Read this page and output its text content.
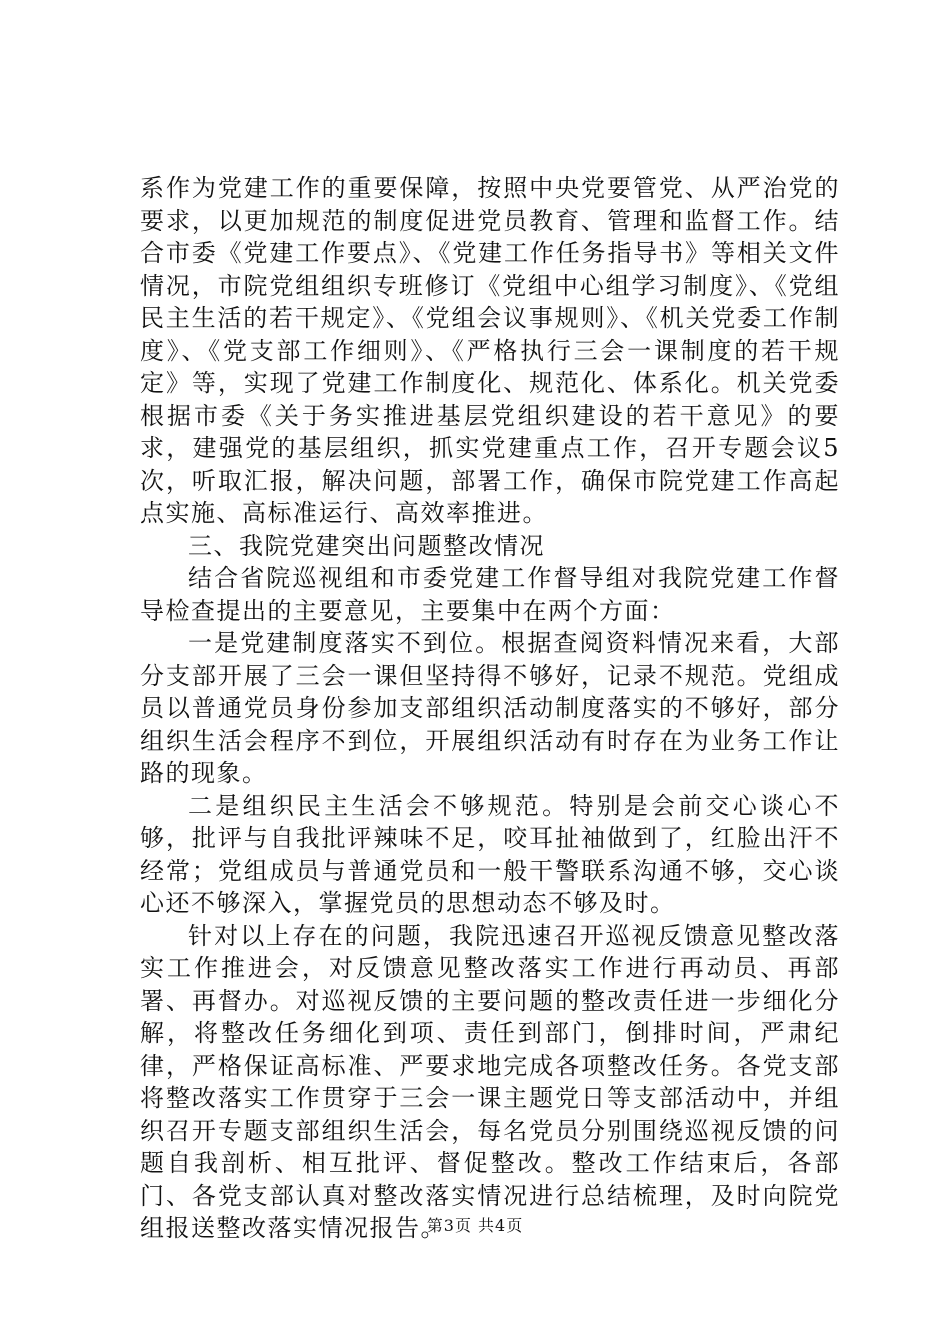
系作为党建工作的重要保障，按照中央党要管党、从严治党的要求，以更加规范的制度促进党员教育、管理和监督工作。结合市委《党建工作要点》、《党建工作任务指导书》等相关文件情况，市院党组组织专班修订《党组中心组学习制度》、《党组民主生活的若干规定》、《党组会议事规则》、《机关党委工作制度》、《党支部工作细则》、《严格执行三会一课制度的若干规定》等，实现了党建工作制度化、规范化、体系化。机关党委根据市委《关于务实推进基层党组织建设的若干意见》的要求，建强党的基层组织，抓实党建重点工作，召开专题会议5次，听取汇报，解决问题，部署工作，确保市院党建工作高起点实施、高标准运行、高效率推进。

三、我院党建突出问题整改情况

结合省院巡视组和市委党建工作督导组对我院党建工作督导检查提出的主要意见，主要集中在两个方面：

一是党建制度落实不到位。根据查阅资料情况来看，大部分支部开展了三会一课但坚持得不够好，记录不规范。党组成员以普通党员身份参加支部组织活动制度落实的不够好，部分组织生活会程序不到位，开展组织活动有时存在为业务工作让路的现象。

二是组织民主生活会不够规范。特别是会前交心谈心不够，批评与自我批评辣味不足，咬耳扯袖做到了，红脸出汗不经常；党组成员与普通党员和一般干警联系沟通不够，交心谈心还不够深入，掌握党员的思想动态不够及时。

针对以上存在的问题，我院迅速召开巡视反馈意见整改落实工作推进会，对反馈意见整改落实工作进行再动员、再部署、再督办。对巡视反馈的主要问题的整改责任进一步细化分解，将整改任务细化到项、责任到部门，倒排时间，严肃纪律，严格保证高标准、严要求地完成各项整改任务。各党支部将整改落实工作贯穿于三会一课主题党日等支部活动中，并组织召开专题支部组织生活会，每名党员分别围绕巡视反馈的问题自我剖析、相互批评、督促整改。整改工作结束后，各部门、各党支部认真对整改落实情况进行总结梳理，及时向院党组报送整改落实情况报告。

第3页 共4页
